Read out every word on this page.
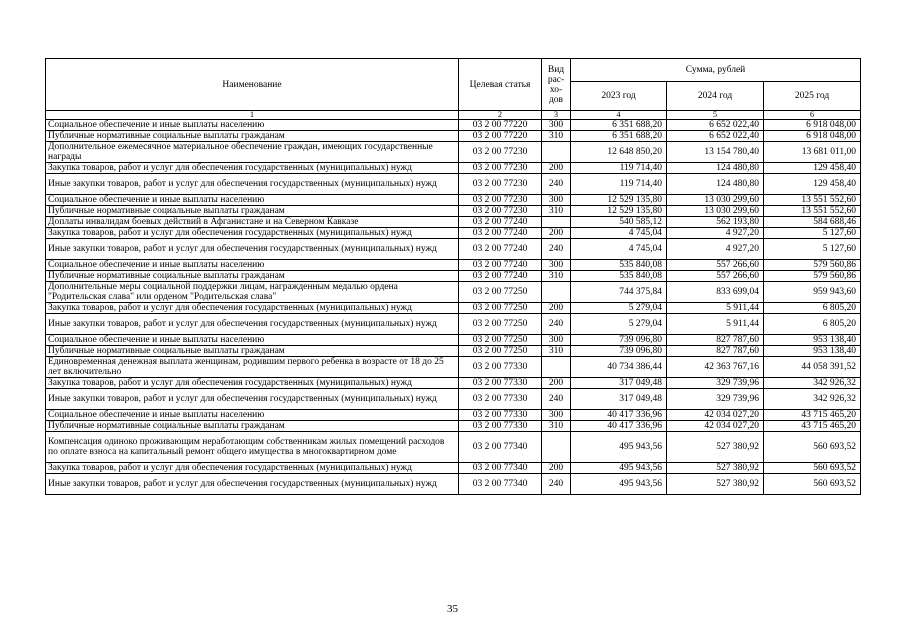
Наименование	Целевая статья	Вид рас-хо-дов	Сумма, рублей		
			2023 год	2024 год	2025 год
1	2	3	4	5	6
Социальное обеспечение и иные выплаты населению	03 2 00 77220	300	6 351 688,20	6 652 022,40	6 918 048,00
Публичные нормативные социальные выплаты гражданам	03 2 00 77220	310	6 351 688,20	6 652 022,40	6 918 048,00
Дополнительное ежемесячное материальное обеспечение граждан, имеющих государственные награды	03 2 00 77230		12 648 850,20	13 154 780,40	13 681 011,00
Закупка товаров, работ и услуг для обеспечения государственных (муниципальных) нужд	03 2 00 77230	200	119 714,40	124 480,80	129 458,40
Иные закупки товаров, работ и услуг для обеспечения государственных (муниципальных) нужд	03 2 00 77230	240	119 714,40	124 480,80	129 458,40
Социальное обеспечение и иные выплаты населению	03 2 00 77230	300	12 529 135,80	13 030 299,60	13 551 552,60
Публичные нормативные социальные выплаты гражданам	03 2 00 77230	310	12 529 135,80	13 030 299,60	13 551 552,60
Доплаты инвалидам боевых действий в Афганистане и на Северном Кавказе	03 2 00 77240		540 585,12	562 193,80	584 688,46
Закупка товаров, работ и услуг для обеспечения государственных (муниципальных) нужд	03 2 00 77240	200	4 745,04	4 927,20	5 127,60
Иные закупки товаров, работ и услуг для обеспечения государственных (муниципальных) нужд	03 2 00 77240	240	4 745,04	4 927,20	5 127,60
Социальное обеспечение и иные выплаты населению	03 2 00 77240	300	535 840,08	557 266,60	579 560,86
Публичные нормативные социальные выплаты гражданам	03 2 00 77240	310	535 840,08	557 266,60	579 560,86
Дополнительные меры социальной поддержки лицам, награжденным медалью ордена "Родительская слава" или орденом "Родительская слава"	03 2 00 77250		744 375,84	833 699,04	959 943,60
Закупка товаров, работ и услуг для обеспечения государственных (муниципальных) нужд	03 2 00 77250	200	5 279,04	5 911,44	6 805,20
Иные закупки товаров, работ и услуг для обеспечения государственных (муниципальных) нужд	03 2 00 77250	240	5 279,04	5 911,44	6 805,20
Социальное обеспечение и иные выплаты населению	03 2 00 77250	300	739 096,80	827 787,60	953 138,40
Публичные нормативные социальные выплаты гражданам	03 2 00 77250	310	739 096,80	827 787,60	953 138,40
Единовременная денежная выплата женщинам, родившим первого ребенка в возрасте от 18 до 25 лет включительно	03 2 00 77330		40 734 386,44	42 363 767,16	44 058 391,52
Закупка товаров, работ и услуг для обеспечения государственных (муниципальных) нужд	03 2 00 77330	200	317 049,48	329 739,96	342 926,32
Иные закупки товаров, работ и услуг для обеспечения государственных (муниципальных) нужд	03 2 00 77330	240	317 049,48	329 739,96	342 926,32
Социальное обеспечение и иные выплаты населению	03 2 00 77330	300	40 417 336,96	42 034 027,20	43 715 465,20
Публичные нормативные социальные выплаты гражданам	03 2 00 77330	310	40 417 336,96	42 034 027,20	43 715 465,20
Компенсация одиноко проживающим неработающим собственникам жилых помещений расходов по оплате взноса на капитальный ремонт общего имущества в многоквартирном доме	03 2 00 77340		495 943,56	527 380,92	560 693,52
Закупка товаров, работ и услуг для обеспечения государственных (муниципальных) нужд	03 2 00 77340	200	495 943,56	527 380,92	560 693,52
Иные закупки товаров, работ и услуг для обеспечения государственных (муниципальных) нужд	03 2 00 77340	240	495 943,56	527 380,92	560 693,52
35
